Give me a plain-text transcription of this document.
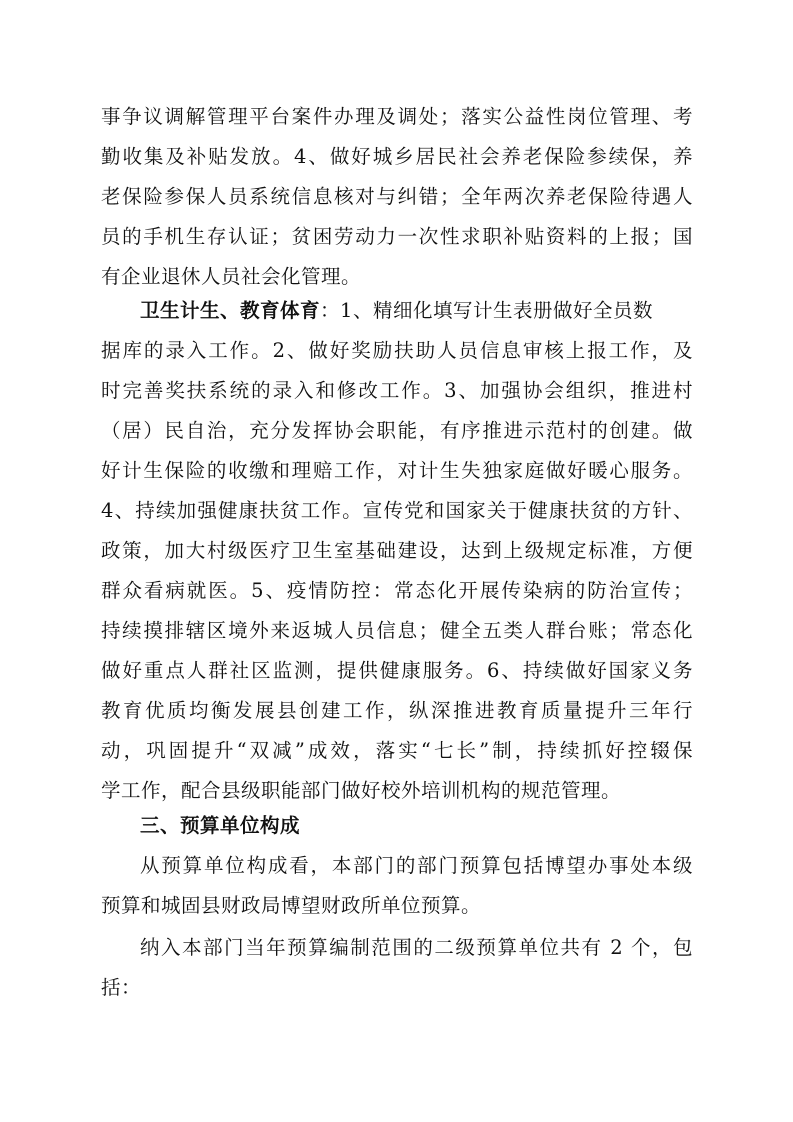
事争议调解管理平台案件办理及调处；落实公益性岗位管理、考
勤收集及补贴发放。4、做好城乡居民社会养老保险参续保，养
老保险参保人员系统信息核对与纠错；全年两次养老保险待遇人
员的手机生存认证；贫困劳动力一次性求职补贴资料的上报；国
有企业退休人员社会化管理。
卫生计生、教育体育：1、精细化填写计生表册做好全员数
据库的录入工作。2、做好奖励扶助人员信息审核上报工作，及
时完善奖扶系统的录入和修改工作。3、加强协会组织，推进村
（居）民自治，充分发挥协会职能，有序推进示范村的创建。做
好计生保险的收缴和理赔工作，对计生失独家庭做好暖心服务。
4、持续加强健康扶贫工作。宣传党和国家关于健康扶贫的方针、
政策，加大村级医疗卫生室基础建设，达到上级规定标准，方便
群众看病就医。5、疫情防控：常态化开展传染病的防治宣传；
持续摸排辖区境外来返城人员信息；健全五类人群台账；常态化
做好重点人群社区监测，提供健康服务。6、持续做好国家义务
教育优质均衡发展县创建工作，纵深推进教育质量提升三年行
动，巩固提升“双减”成效，落实“七长”制，持续抓好控辍保
学工作，配合县级职能部门做好校外培训机构的规范管理。
三、预算单位构成
从预算单位构成看，本部门的部门预算包括博望办事处本级
预算和城固县财政局博望财政所单位预算。
纳入本部门当年预算编制范围的二级预算单位共有 2 个，包
括：
